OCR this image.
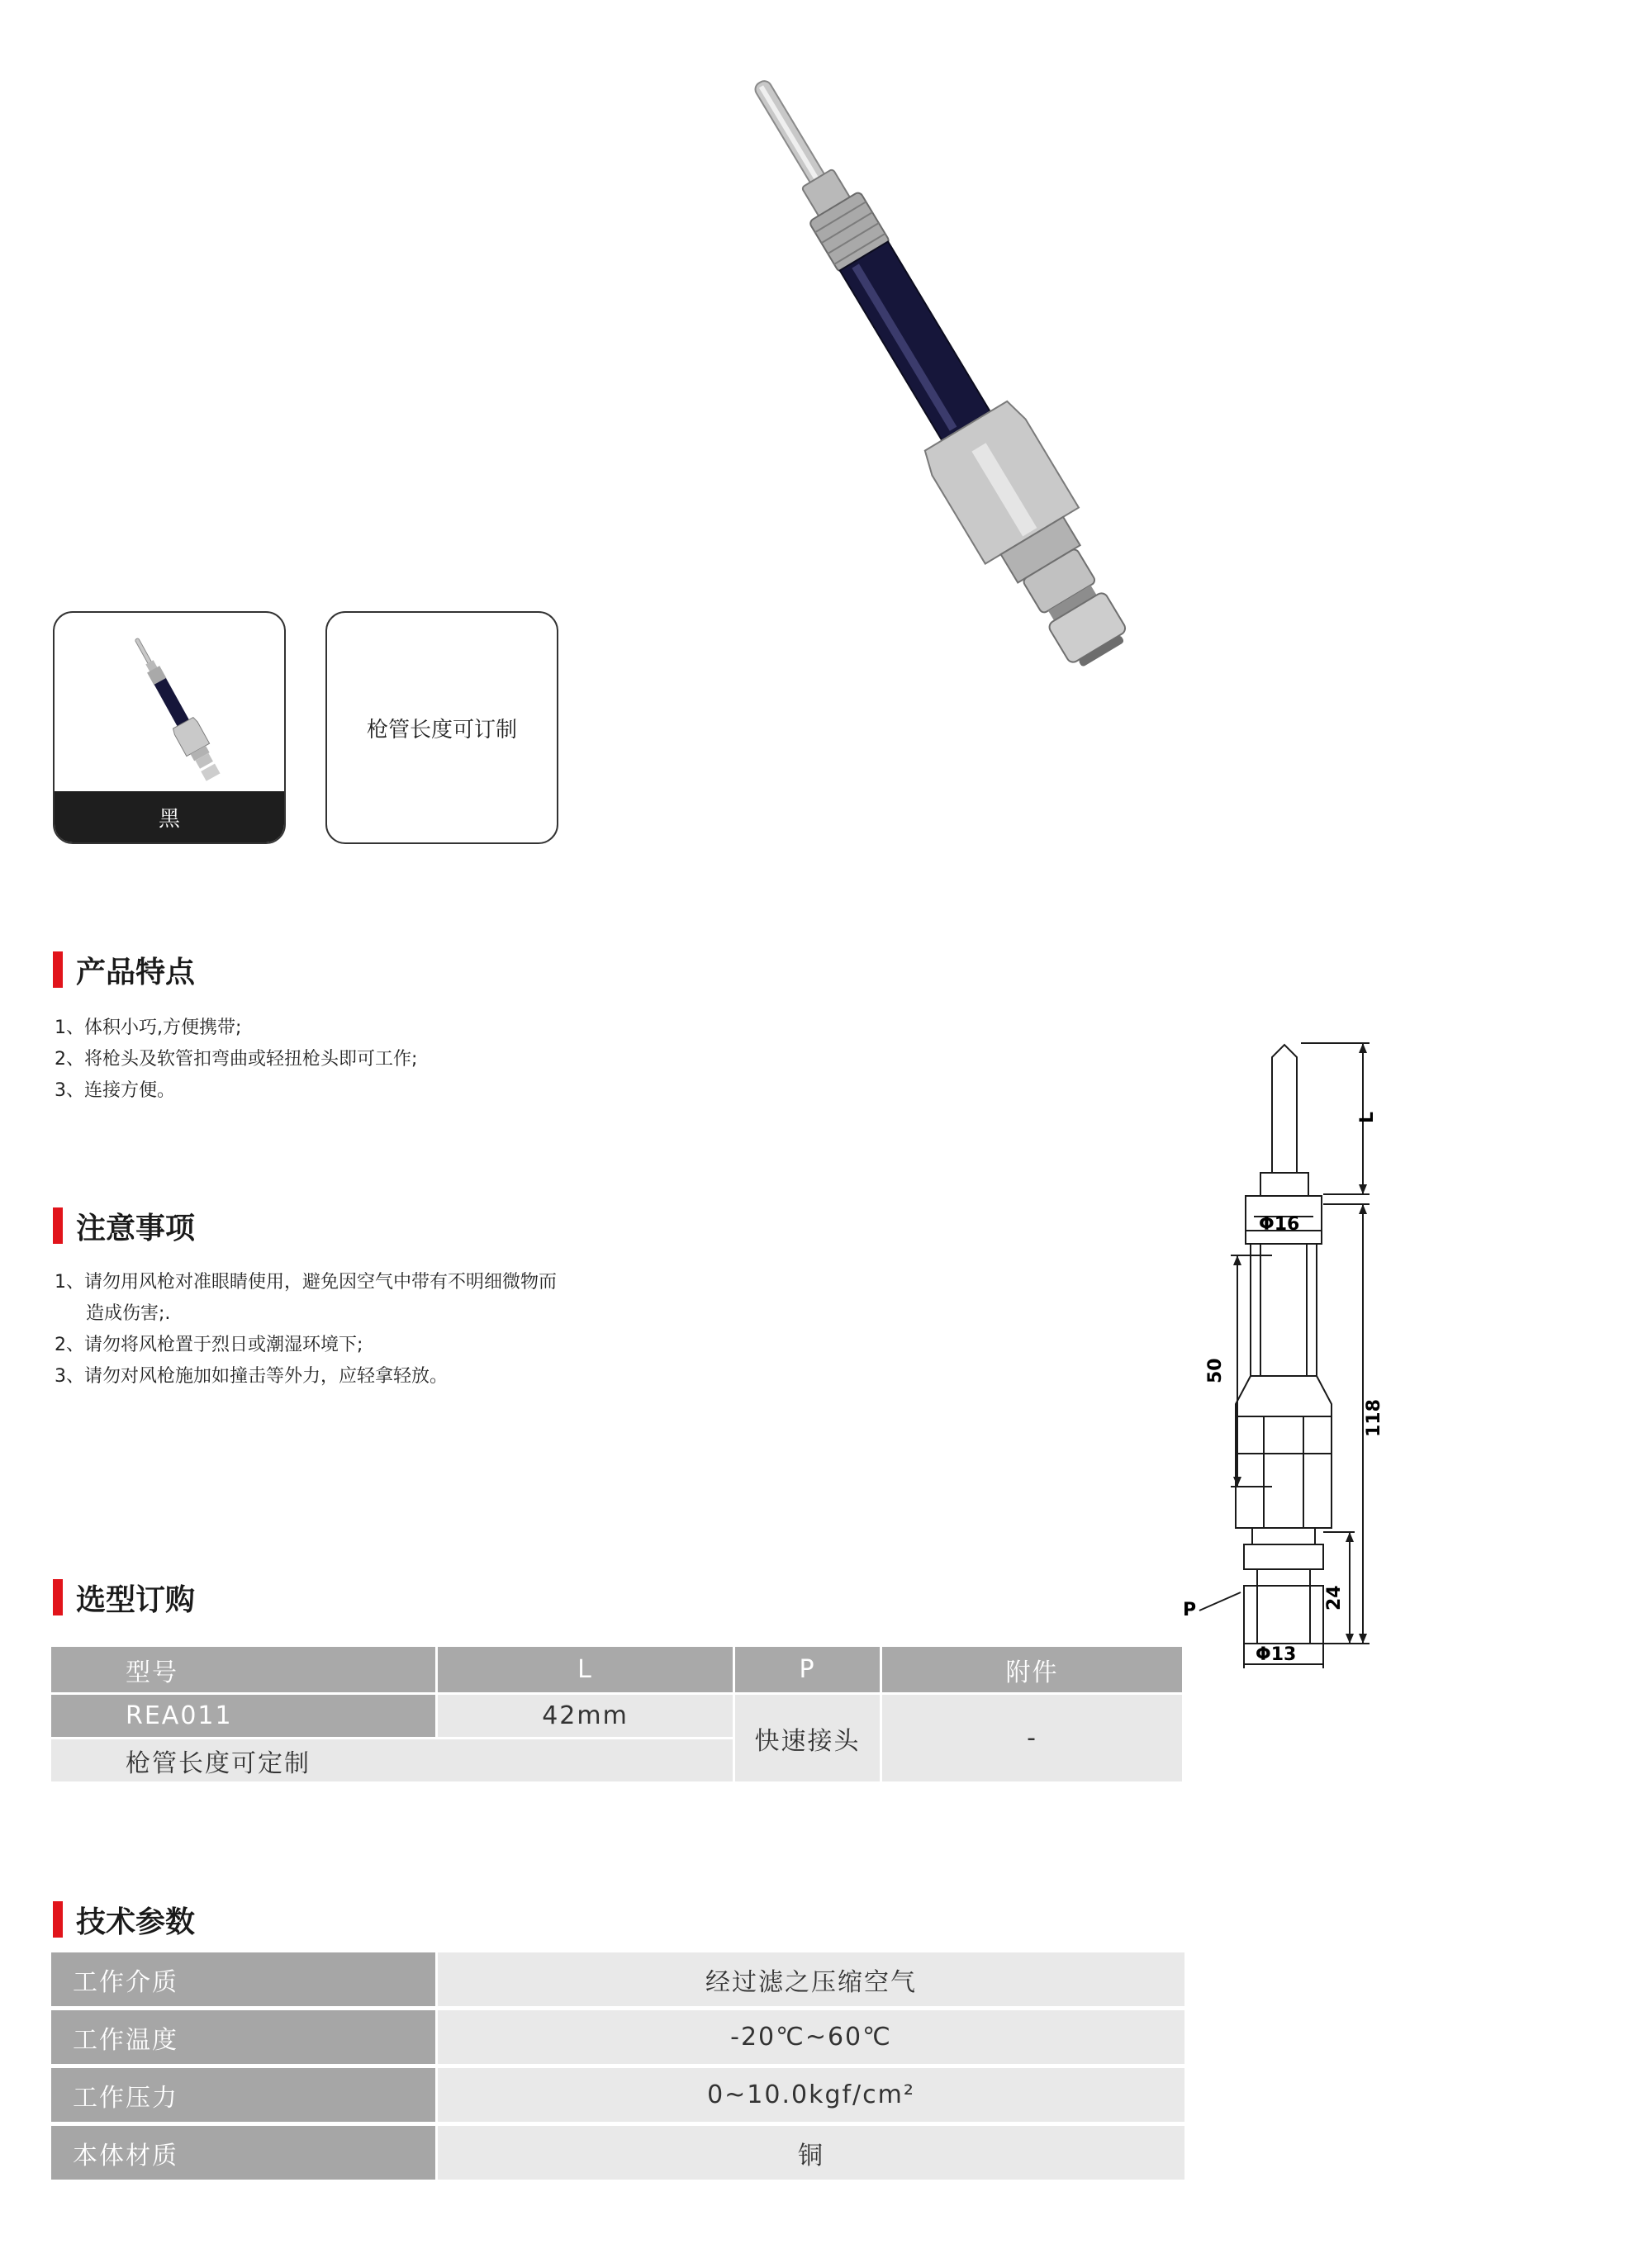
黑
枪管长度可订制
产品特点
1、体积小巧,方便携带;
2、将枪头及软管扣弯曲或轻扭枪头即可工作;
3、连接方便。
注意事项
1、请勿用风枪对准眼睛使用，避免因空气中带有不明细微物而
造成伤害;.
2、请勿将风枪置于烈日或潮湿环境下;
3、请勿对风枪施加如撞击等外力，应轻拿轻放。
选型订购
型号	L	P	附件
REA011	42mm	快速接头	-
枪管长度可定制			
技术参数
工作介质	经过滤之压缩空气
工作温度	-20℃~60℃
工作压力	0~10.0kgf/cm²
本体材质	铜
L
Φ16
50
118
24
P
Φ13
